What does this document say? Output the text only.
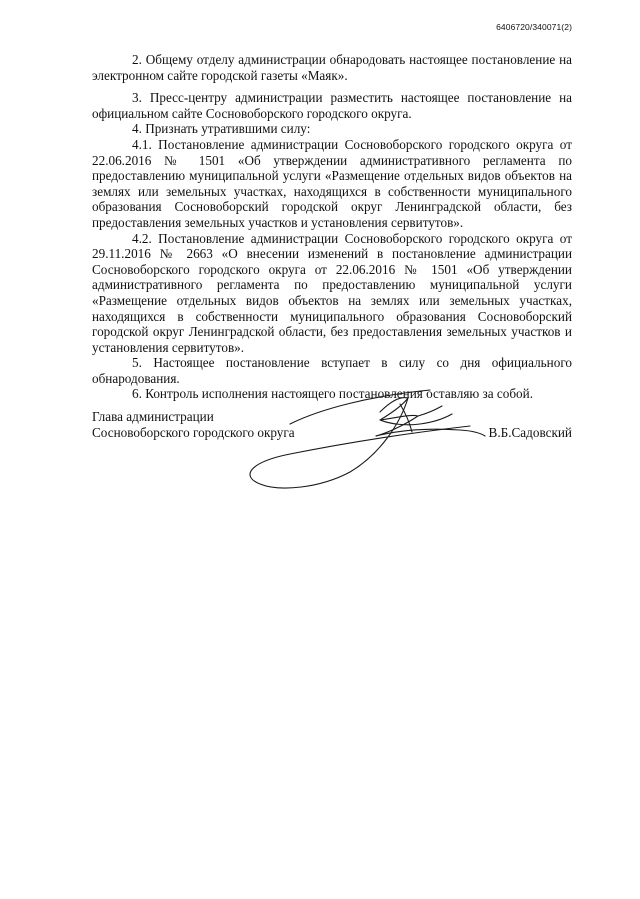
6406720/340071(2)

2. Общему отделу администрации обнародовать настоящее постановление на электронном сайте городской газеты «Маяк».

3. Пресс-центру администрации разместить настоящее постановление на официальном сайте Сосновоборского городского округа.

4. Признать утратившими силу:

4.1. Постановление администрации Сосновоборского городского округа от 22.06.2016 № 1501 «Об утверждении административного регламента по предоставлению муниципальной услуги «Размещение отдельных видов объектов на землях или земельных участках, находящихся в собственности муниципального образования Сосновоборский городской округ Ленинградской области, без предоставления земельных участков и установления сервитутов».

4.2. Постановление администрации Сосновоборского городского округа от 29.11.2016 № 2663 «О внесении изменений в постановление администрации Сосновоборского городского округа от 22.06.2016 № 1501 «Об утверждении административного регламента по предоставлению муниципальной услуги «Размещение отдельных видов объектов на землях или земельных участках, находящихся в собственности муниципального образования Сосновоборский городской округ Ленинградской области, без предоставления земельных участков и установления сервитутов».

5. Настоящее постановление вступает в силу со дня официального обнародования.

6. Контроль исполнения настоящего постановления оставляю за собой.

Глава администрации
Сосновоборского городского округа	В.Б.Садовский
